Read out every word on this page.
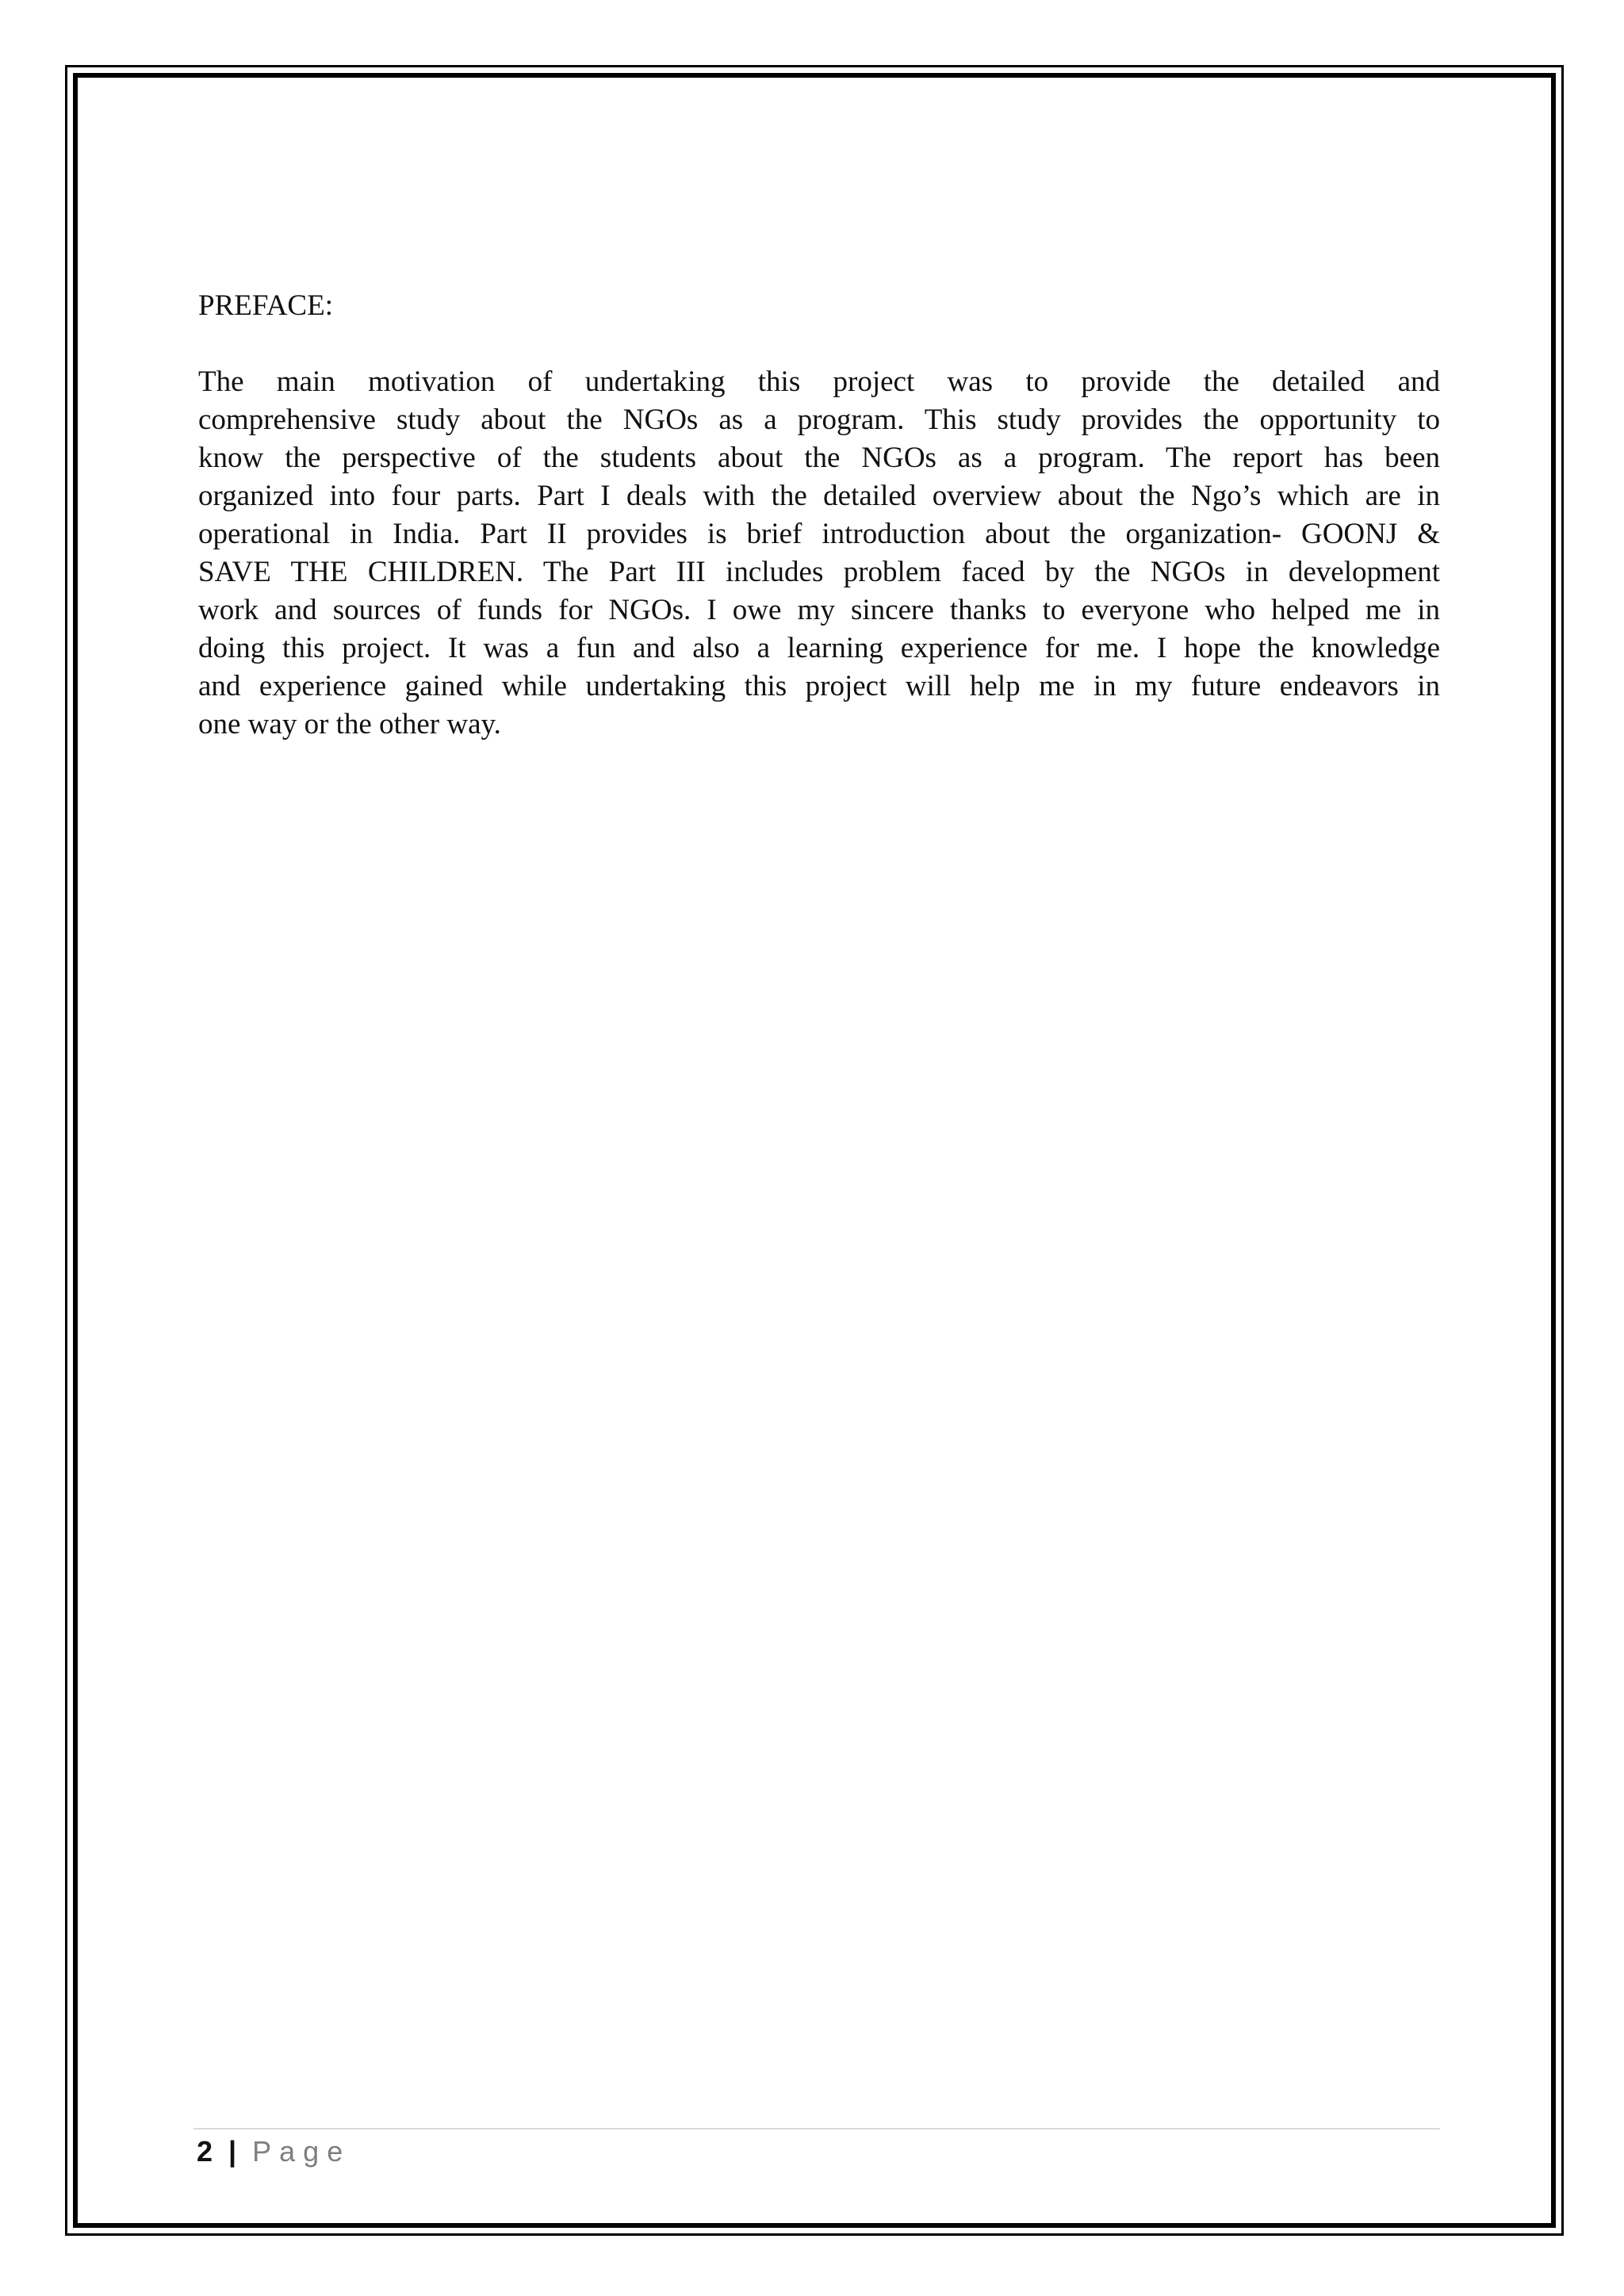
PREFACE:
The main motivation of undertaking this project was to provide the detailed and
comprehensive study about the NGOs as a program. This study provides the opportunity to
know the perspective of the students about the NGOs as a program. The report has been
organized into four parts. Part I deals with the detailed overview about the Ngo’s which are in
operational in India. Part II provides is brief introduction about the organization- GOONJ &
SAVE THE CHILDREN. The Part III includes problem faced by the NGOs in development
work and sources of funds for NGOs. I owe my sincere thanks to everyone who helped me in
doing this project. It was a fun and also a learning experience for me. I hope the knowledge
and experience gained while undertaking this project will help me in my future endeavors in
one way or the other way.
2 | Page
